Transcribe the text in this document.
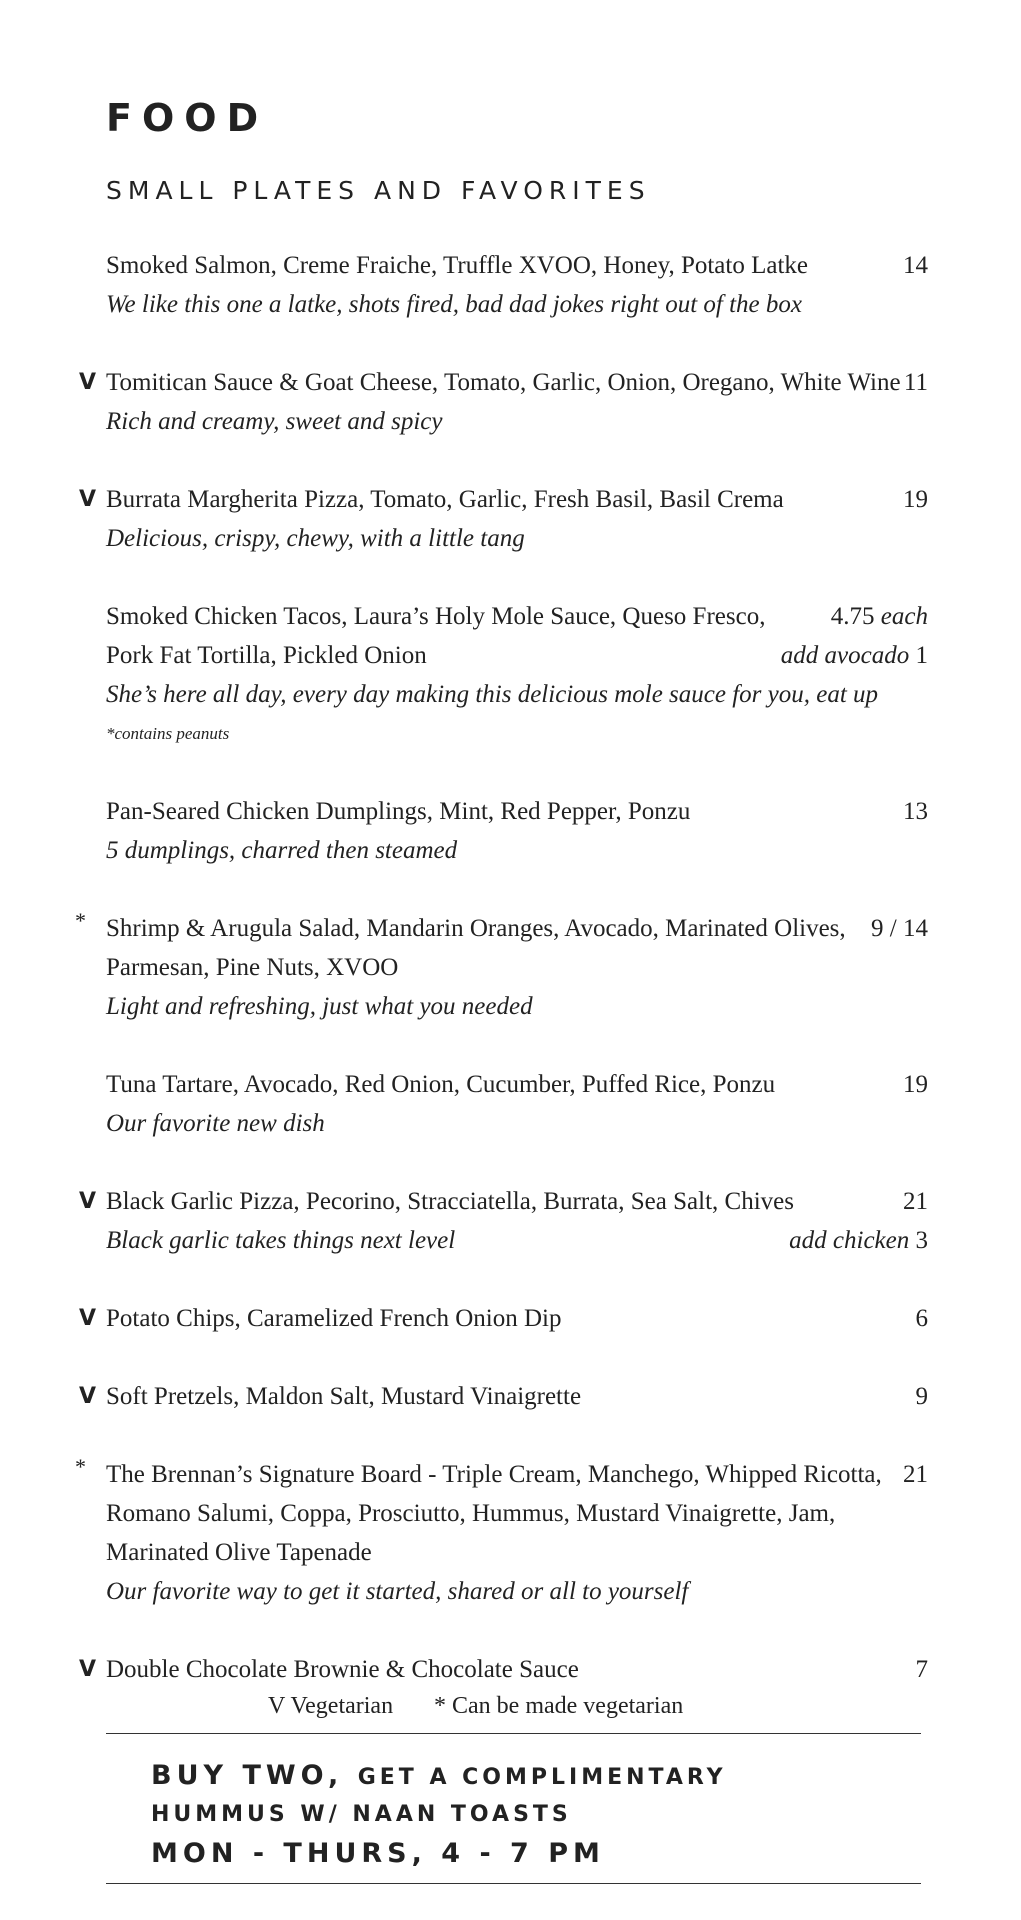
FOOD
SMALL PLATES AND FAVORITES
Smoked Salmon, Creme Fraiche, Truffle XVOO, Honey, Potato Latke	14
We like this one a latke, shots fired, bad dad jokes right out of the box
V Tomitican Sauce & Goat Cheese, Tomato, Garlic, Onion, Oregano, White Wine 11
Rich and creamy, sweet and spicy
V Burrata Margherita Pizza, Tomato, Garlic, Fresh Basil, Basil Crema	19
Delicious, crispy, chewy, with a little tang
Smoked Chicken Tacos, Laura’s Holy Mole Sauce, Queso Fresco,	4.75 each
Pork Fat Tortilla, Pickled Onion	add avocado 1
She’s here all day, every day making this delicious mole sauce for you, eat up
*contains peanuts
Pan-Seared Chicken Dumplings, Mint, Red Pepper, Ponzu	13
5 dumplings, charred then steamed
* Shrimp & Arugula Salad, Mandarin Oranges, Avocado, Marinated Olives, 9 / 14
Parmesan, Pine Nuts, XVOO
Light and refreshing, just what you needed
Tuna Tartare, Avocado, Red Onion, Cucumber, Puffed Rice, Ponzu	19
Our favorite new dish
V Black Garlic Pizza, Pecorino, Stracciatella, Burrata, Sea Salt, Chives	21
Black garlic takes things next level	add chicken 3
V Potato Chips, Caramelized French Onion Dip	6
V Soft Pretzels, Maldon Salt, Mustard Vinaigrette	9
* The Brennan’s Signature Board - Triple Cream, Manchego, Whipped Ricotta, 21
Romano Salumi, Coppa, Prosciutto, Hummus, Mustard Vinaigrette, Jam,
Marinated Olive Tapenade
Our favorite way to get it started, shared or all to yourself
V Double Chocolate Brownie & Chocolate Sauce	7
V Vegetarian * Can be made vegetarian
BUY TWO, GET A COMPLIMENTARY
HUMMUS W/ NAAN TOASTS
MON - THURS, 4 - 7 PM
